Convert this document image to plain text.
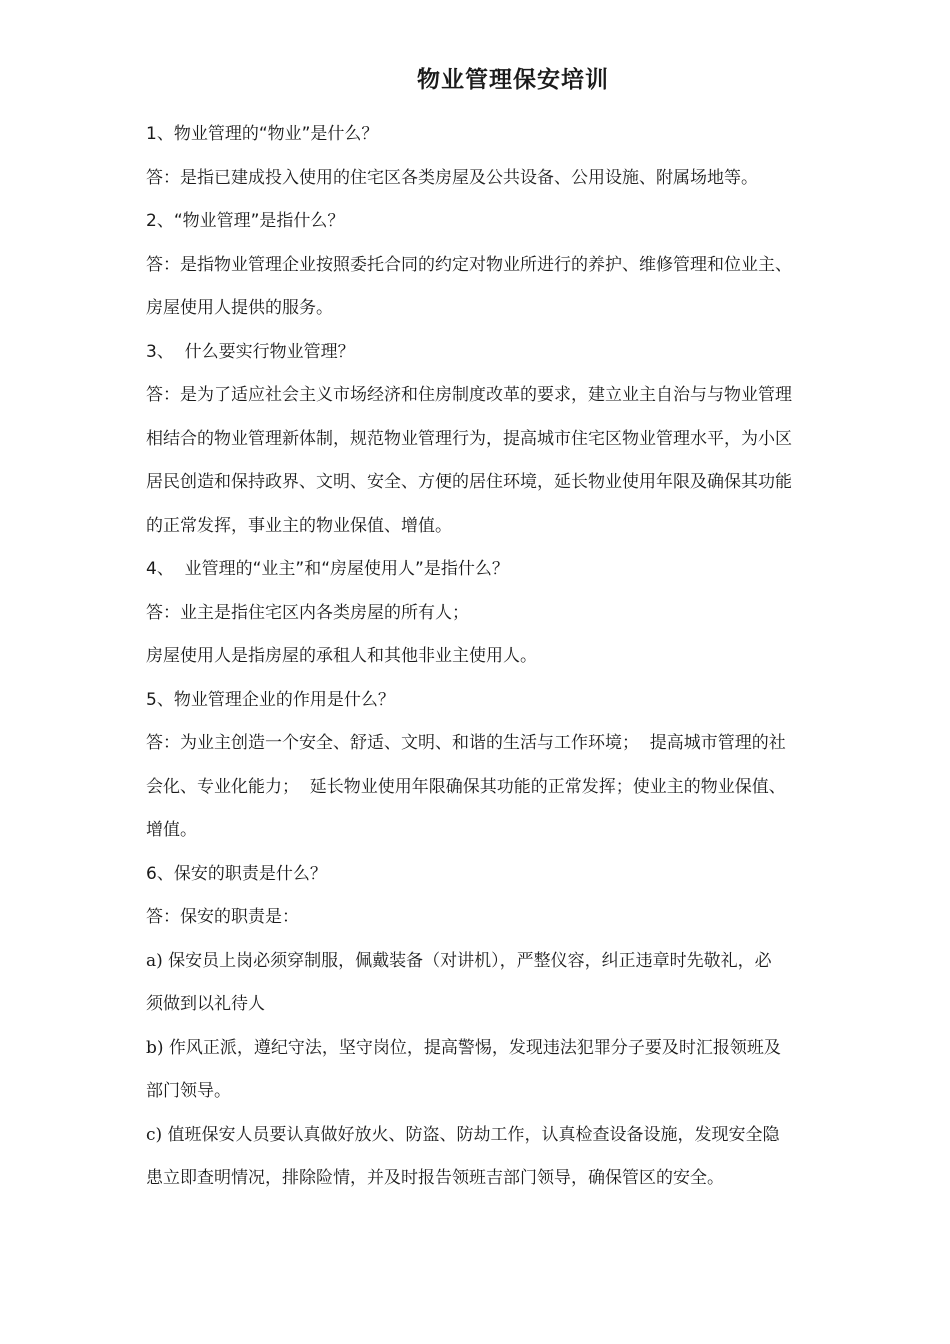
物业管理保安培训
1、物业管理的“物业”是什么？
答：是指已建成投入使用的住宅区各类房屋及公共设备、公用设施、附属场地等。
2、“物业管理”是指什么？
答：是指物业管理企业按照委托合同的约定对物业所进行的养护、维修管理和位业主、
房屋使用人提供的服务。
3、  什么要实行物业管理？
答：是为了适应社会主义市场经济和住房制度改革的要求，建立业主自治与与物业管理
相结合的物业管理新体制，规范物业管理行为，提高城市住宅区物业管理水平，为小区
居民创造和保持政界、文明、安全、方便的居住环境，延长物业使用年限及确保其功能
的正常发挥，事业主的物业保值、增值。
4、  业管理的“业主”和“房屋使用人”是指什么？
答：业主是指住宅区内各类房屋的所有人；
房屋使用人是指房屋的承租人和其他非业主使用人。
5、物业管理企业的作用是什么？
答：为业主创造一个安全、舒适、文明、和谐的生活与工作环境；  提高城市管理的社
会化、专业化能力；  延长物业使用年限确保其功能的正常发挥；使业主的物业保值、
增值。
6、保安的职责是什么？
答：保安的职责是：
a) 保安员上岗必须穿制服，佩戴装备（对讲机），严整仪容，纠正违章时先敬礼，必
须做到以礼待人
b) 作风正派，遵纪守法，坚守岗位，提高警惕，发现违法犯罪分子要及时汇报领班及
部门领导。
c) 值班保安人员要认真做好放火、防盗、防劫工作，认真检查设备设施，发现安全隐
患立即查明情况，排除险情，并及时报告领班吉部门领导，确保管区的安全。
